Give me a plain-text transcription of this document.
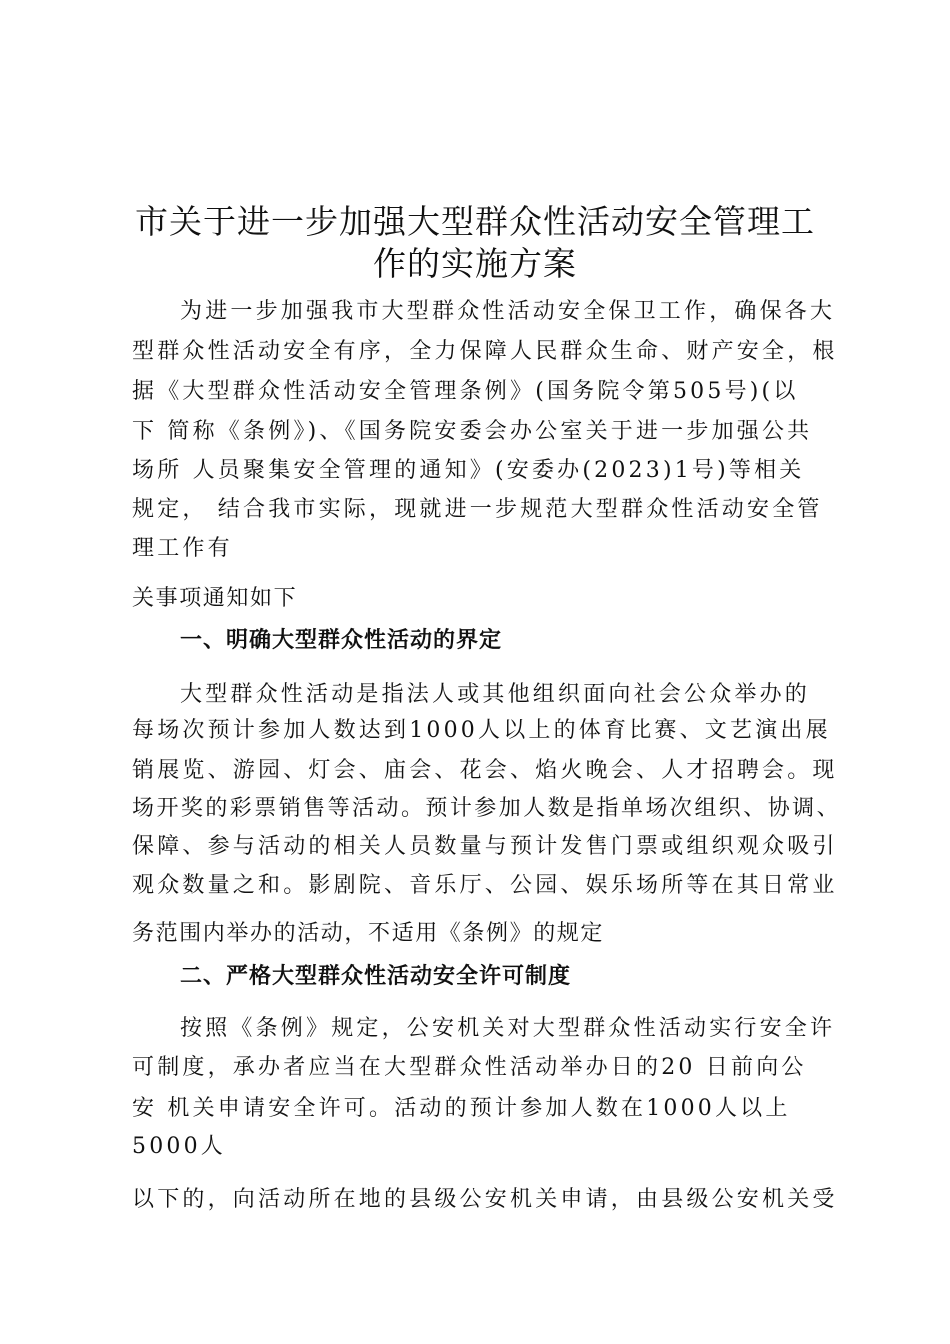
市关于进一步加强大型群众性活动安全管理工
作的实施方案
为进一步加强我市大型群众性活动安全保卫工作，确保各大
型群众性活动安全有序，全力保障人民群众生命、财产安全，根
据《大型群众性活动安全管理条例》(国务院令第505号)(以
下 简称《条例》)、《国务院安委会办公室关于进一步加强公共
场所 人员聚集安全管理的通知》(安委办(2023)1号)等相关
规定， 结合我市实际，现就进一步规范大型群众性活动安全管
理工作有
关事项通知如下
一、明确大型群众性活动的界定
大型群众性活动是指法人或其他组织面向社会公众举办的
每场次预计参加人数达到1000人以上的体育比赛、文艺演出展
销展览、游园、灯会、庙会、花会、焰火晚会、人才招聘会。现
场开奖的彩票销售等活动。预计参加人数是指单场次组织、协调、
保障、参与活动的相关人员数量与预计发售门票或组织观众吸引
观众数量之和。影剧院、音乐厅、公园、娱乐场所等在其日常业
务范围内举办的活动，不适用《条例》的规定
二、严格大型群众性活动安全许可制度
按照《条例》规定，公安机关对大型群众性活动实行安全许
可制度，承办者应当在大型群众性活动举办日的20 日前向公
安 机关申请安全许可。活动的预计参加人数在1000人以上
5000人
以下的，向活动所在地的县级公安机关申请，由县级公安机关受
